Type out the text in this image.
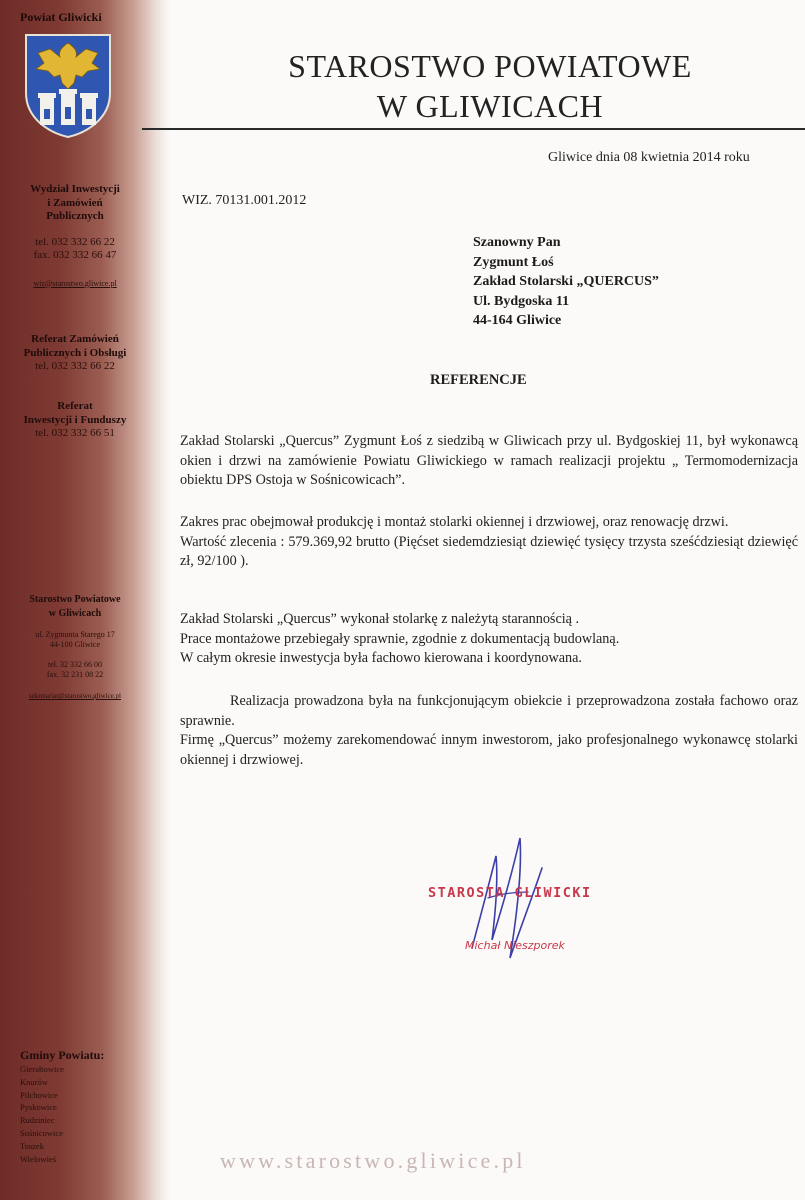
Powiat Gliwicki
Wydział Inwestycji
i Zamówień
Publicznych
tel. 032 332 66 22
fax. 032 332 66 47
wiz@starostwo.gliwice.pl
Referat Zamówień
Publicznych i Obsługi
tel. 032 332 66 22
Referat
Inwestycji i Funduszy
tel. 032 332 66 51
Starostwo Powiatowe
w Gliwicach
ul. Zygmunta Starego 17
44-100 Gliwice
tel. 32 332 66 00
fax. 32 231 08 22
sekretariat@starostwo.gliwice.pl
Gminy Powiatu:
Gierałtowice
Knurów
Pilchowice
Pyskowice
Rudziniec
Sośnicowice
Toszek
Wielowieś
STAROSTWO POWIATOWE
W GLIWICACH
Gliwice dnia 08 kwietnia 2014 roku
WIZ. 70131.001.2012
Szanowny Pan
Zygmunt Łoś
Zakład Stolarski „QUERCUS”
Ul. Bydgoska 11
44-164 Gliwice
REFERENCJE

Zakład Stolarski „Quercus” Zygmunt Łoś z siedzibą w Gliwicach przy ul. Bydgoskiej 11, był wykonawcą okien i drzwi na zamówienie Powiatu Gliwickiego w ramach realizacji projektu „ Termomodernizacja obiektu DPS Ostoja w Sośnicowicach”.

Zakres prac obejmował produkcję i montaż stolarki okiennej i drzwiowej, oraz renowację drzwi.

Wartość zlecenia : 579.369,92 brutto (Pięćset siedemdziesiąt dziewięć tysięcy trzysta sześćdziesiąt dziewięć zł, 92/100 ).

Zakład Stolarski „Quercus” wykonał stolarkę z należytą starannością .

Prace montażowe przebiegały sprawnie, zgodnie z dokumentacją budowlaną.

W całym okresie inwestycja była fachowo kierowana i koordynowana.

Realizacja prowadzona była na funkcjonującym obiekcie i przeprowadzona została fachowo oraz sprawnie.

Firmę „Quercus” możemy zarekomendować innym inwestorom, jako profesjonalnego wykonawcę stolarki okiennej i drzwiowej.

STAROSTA GLIWICKI
Michał Nieszporek
www.starostwo.gliwice.pl
